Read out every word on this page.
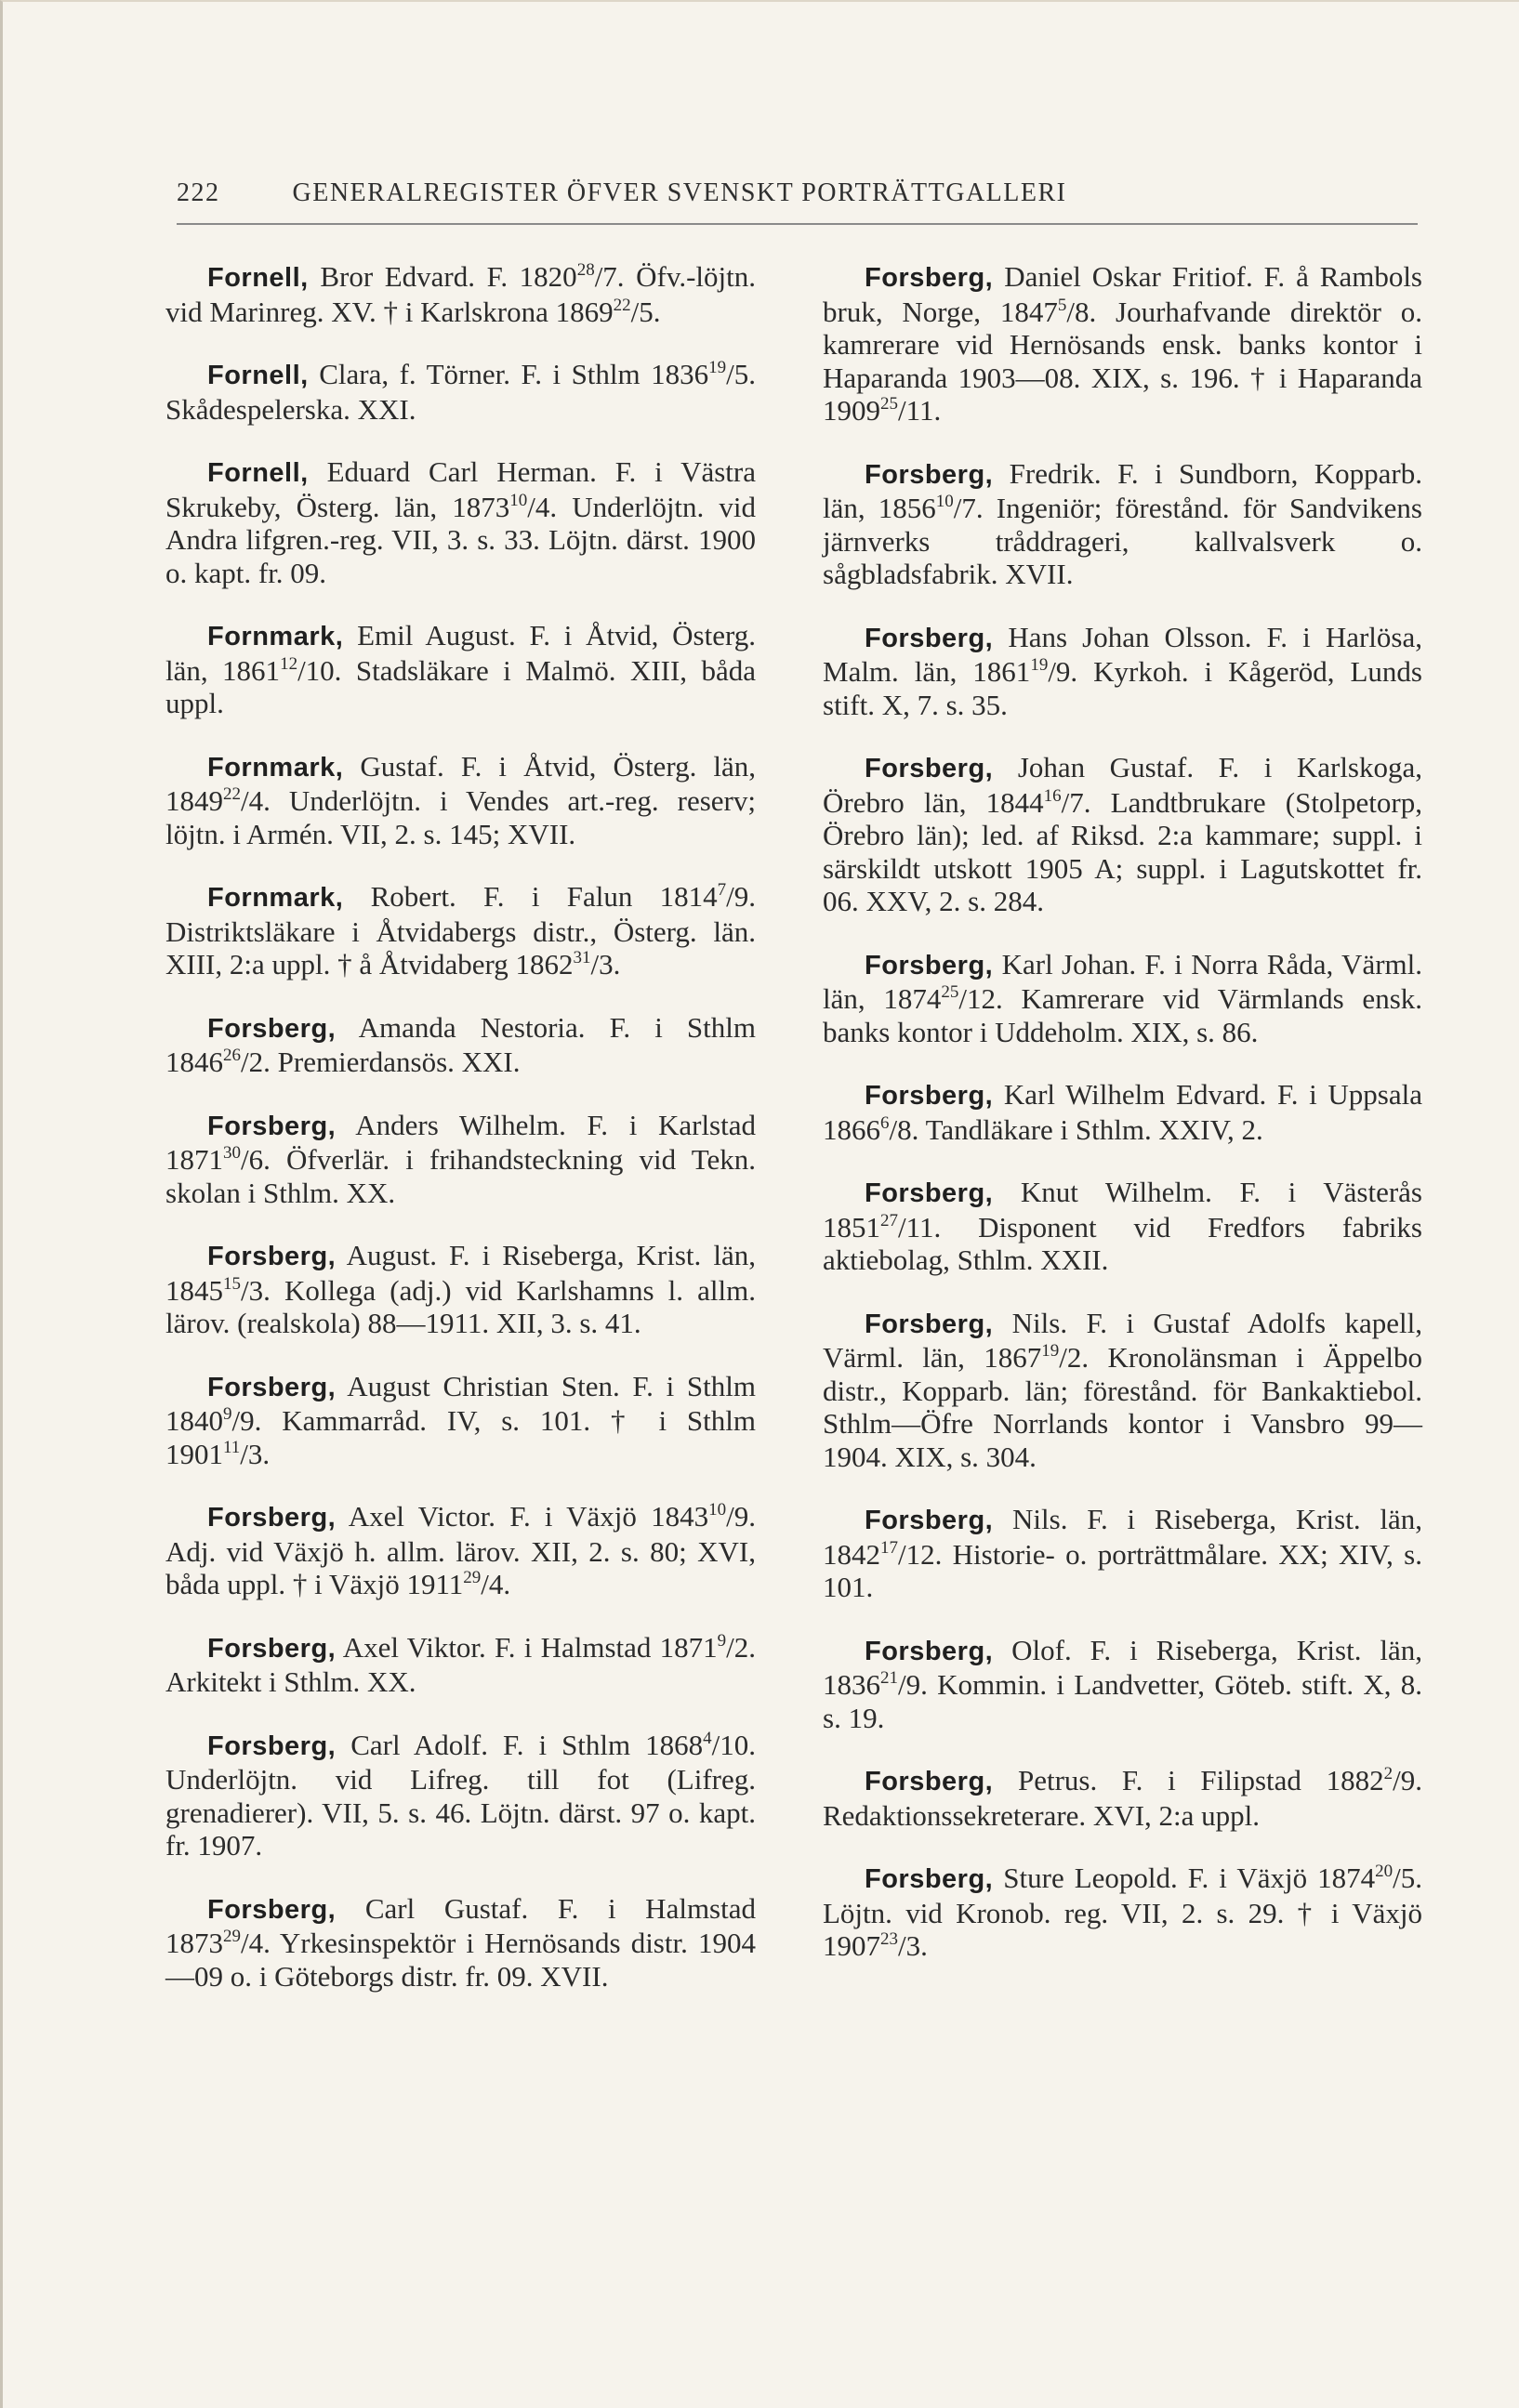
222	GENERALREGISTER ÖFVER SVENSKT PORTRÄTTGALLERI
Fornell, Bror Edvard. F. 1820$^{28}$/7. Öfv.-löjtn. vid Marinreg. XV. † i Karlskrona 1869$^{22}$/5.
Fornell, Clara, f. Törner. F. i Sthlm 1836$^{19}$/5. Skådespelerska. XXI.
Fornell, Eduard Carl Herman. F. i Västra Skrukeby, Österg. län, 1873$^{10}$/4. Underlöjtn. vid Andra lifgren.-reg. VII, 3. s. 33. Löjtn. därst. 1900 o. kapt. fr. 09.
Fornmark, Emil August. F. i Åtvid, Österg. län, 1861$^{12}$/10. Stadsläkare i Malmö. XIII, båda uppl.
Fornmark, Gustaf. F. i Åtvid, Österg. län, 1849$^{22}$/4. Underlöjtn. i Vendes art.-reg. reserv; löjtn. i Armén. VII, 2. s. 145; XVII.
Fornmark, Robert. F. i Falun 1814$^7$/9. Distriktsläkare i Åtvidabergs distr., Österg. län. XIII, 2:a uppl. † å Åtvidaberg 1862$^{31}$/3.
Forsberg, Amanda Nestoria. F. i Sthlm 1846$^{26}$/2. Premierdansös. XXI.
Forsberg, Anders Wilhelm. F. i Karlstad 1871$^{30}$/6. Öfverlär. i frihandsteckning vid Tekn. skolan i Sthlm. XX.
Forsberg, August. F. i Riseberga, Krist. län, 1845$^{15}$/3. Kollega (adj.) vid Karlshamns l. allm. lärov. (realskola) 88—1911. XII, 3. s. 41.
Forsberg, August Christian Sten. F. i Sthlm 1840$^9$/9. Kammarråd. IV, s. 101. † i Sthlm 1901$^{11}$/3.
Forsberg, Axel Victor. F. i Växjö 1843$^{10}$/9. Adj. vid Växjö h. allm. lärov. XII, 2. s. 80; XVI, båda uppl. † i Växjö 1911$^{29}$/4.
Forsberg, Axel Viktor. F. i Halmstad 1871$^9$/2. Arkitekt i Sthlm. XX.
Forsberg, Carl Adolf. F. i Sthlm 1868$^4$/10. Underlöjtn. vid Lifreg. till fot (Lifreg. grenadierer). VII, 5. s. 46. Löjtn. därst. 97 o. kapt. fr. 1907.
Forsberg, Carl Gustaf. F. i Halmstad 1873$^{29}$/4. Yrkesinspektör i Hernösands distr. 1904—09 o. i Göteborgs distr. fr. 09. XVII.
Forsberg, Daniel Oskar Fritiof. F. å Rambols bruk, Norge, 1847$^5$/8. Jourhafvande direktör o. kamrerare vid Hernösands ensk. banks kontor i Haparanda 1903—08. XIX, s. 196. † i Haparanda 1909$^{25}$/11.
Forsberg, Fredrik. F. i Sundborn, Kopparb. län, 1856$^{10}$/7. Ingeniör; förestånd. för Sandvikens järnverks tråddrageri, kallvalsverk o. sågbladsfabrik. XVII.
Forsberg, Hans Johan Olsson. F. i Harlösa, Malm. län, 1861$^{19}$/9. Kyrkoh. i Kågeröd, Lunds stift. X, 7. s. 35.
Forsberg, Johan Gustaf. F. i Karlskoga, Örebro län, 1844$^{16}$/7. Landtbrukare (Stolpetorp, Örebro län); led. af Riksd. 2:a kammare; suppl. i särskildt utskott 1905 A; suppl. i Lagutskottet fr. 06. XXV, 2. s. 284.
Forsberg, Karl Johan. F. i Norra Råda, Värml. län, 1874$^{25}$/12. Kamrerare vid Värmlands ensk. banks kontor i Uddeholm. XIX, s. 86.
Forsberg, Karl Wilhelm Edvard. F. i Uppsala 1866$^6$/8. Tandläkare i Sthlm. XXIV, 2.
Forsberg, Knut Wilhelm. F. i Västerås 1851$^{27}$/11. Disponent vid Fredfors fabriks aktiebolag, Sthlm. XXII.
Forsberg, Nils. F. i Gustaf Adolfs kapell, Värml. län, 1867$^{19}$/2. Kronolänsman i Äppelbo distr., Kopparb. län; förestånd. för Bankaktiebol. Sthlm—Öfre Norrlands kontor i Vansbro 99—1904. XIX, s. 304.
Forsberg, Nils. F. i Riseberga, Krist. län, 1842$^{17}$/12. Historie- o. porträttmålare. XX; XIV, s. 101.
Forsberg, Olof. F. i Riseberga, Krist. län, 1836$^{21}$/9. Kommin. i Landvetter, Göteb. stift. X, 8. s. 19.
Forsberg, Petrus. F. i Filipstad 1882$^2$/9. Redaktionssekreterare. XVI, 2:a uppl.
Forsberg, Sture Leopold. F. i Växjö 1874$^{20}$/5. Löjtn. vid Kronob. reg. VII, 2. s. 29. † i Växjö 1907$^{23}$/3.
